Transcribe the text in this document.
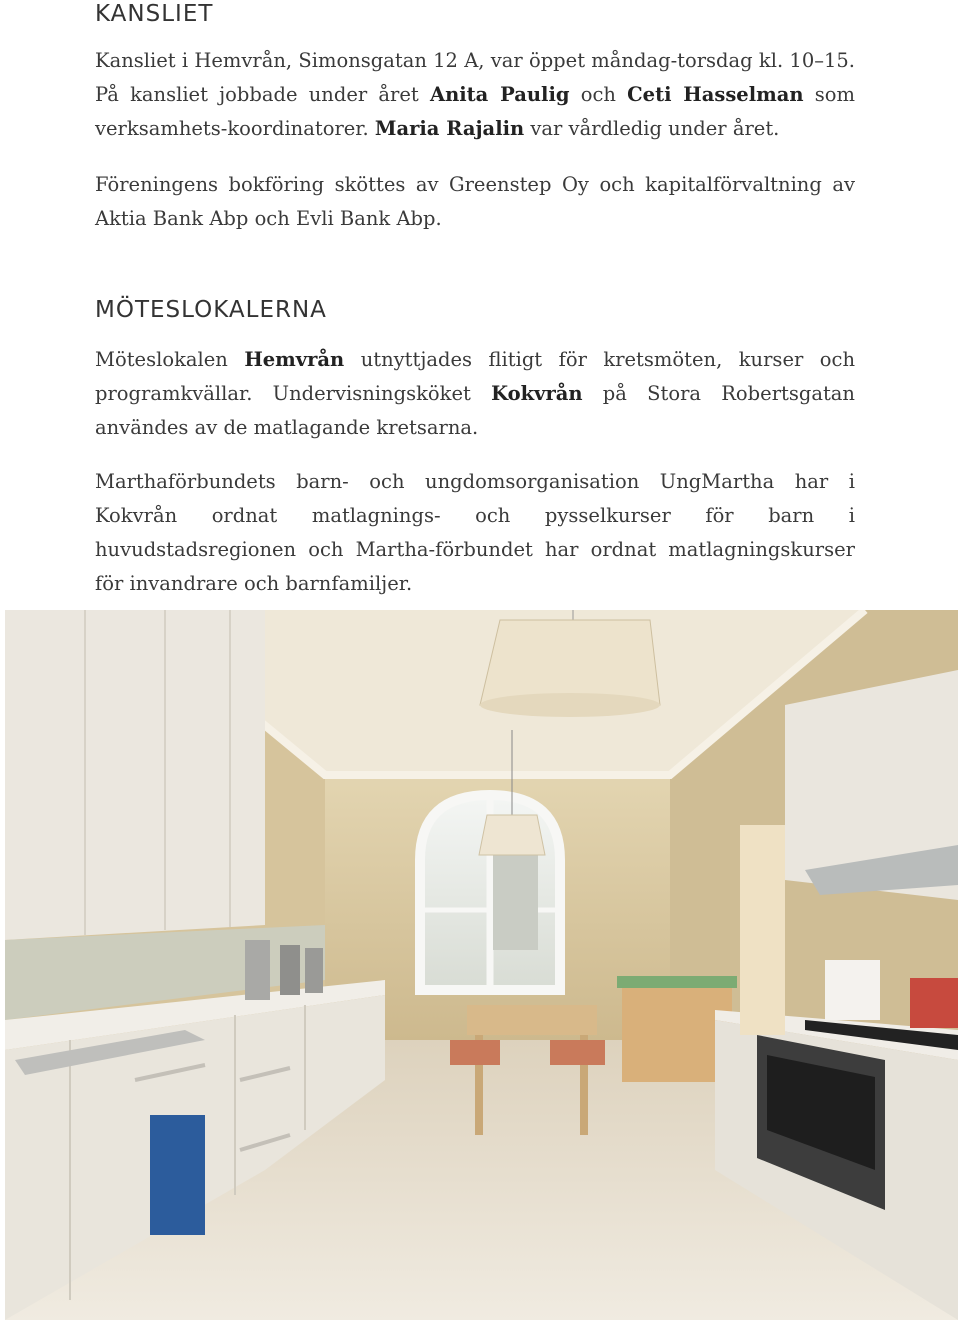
KANSLIET

Kansliet i Hemvrån, Simonsgatan 12 A, var öppet måndag-torsdag kl. 10–15. På kansliet jobbade under året Anita Paulig och Ceti Hasselman som verksamhets-koordinatorer. Maria Rajalin var vårdledig under året.

Föreningens bokföring sköttes av Greenstep Oy och kapitalförvaltning av Aktia Bank Abp och Evli Bank Abp.

MÖTESLOKALERNA

Möteslokalen Hemvrån utnyttjades flitigt för kretsmöten, kurser och programkvällar. Undervisningsköket Kokvrån på Stora Robertsgatan användes av de matlagande kretsarna.

Marthaförbundets barn- och ungdomsorganisation UngMartha har i Kokvrån ordnat matlagnings- och pysselkurser för barn i huvudstadsregionen och Martha-förbundet har ordnat matlagningskurser för invandrare och barnfamiljer.
